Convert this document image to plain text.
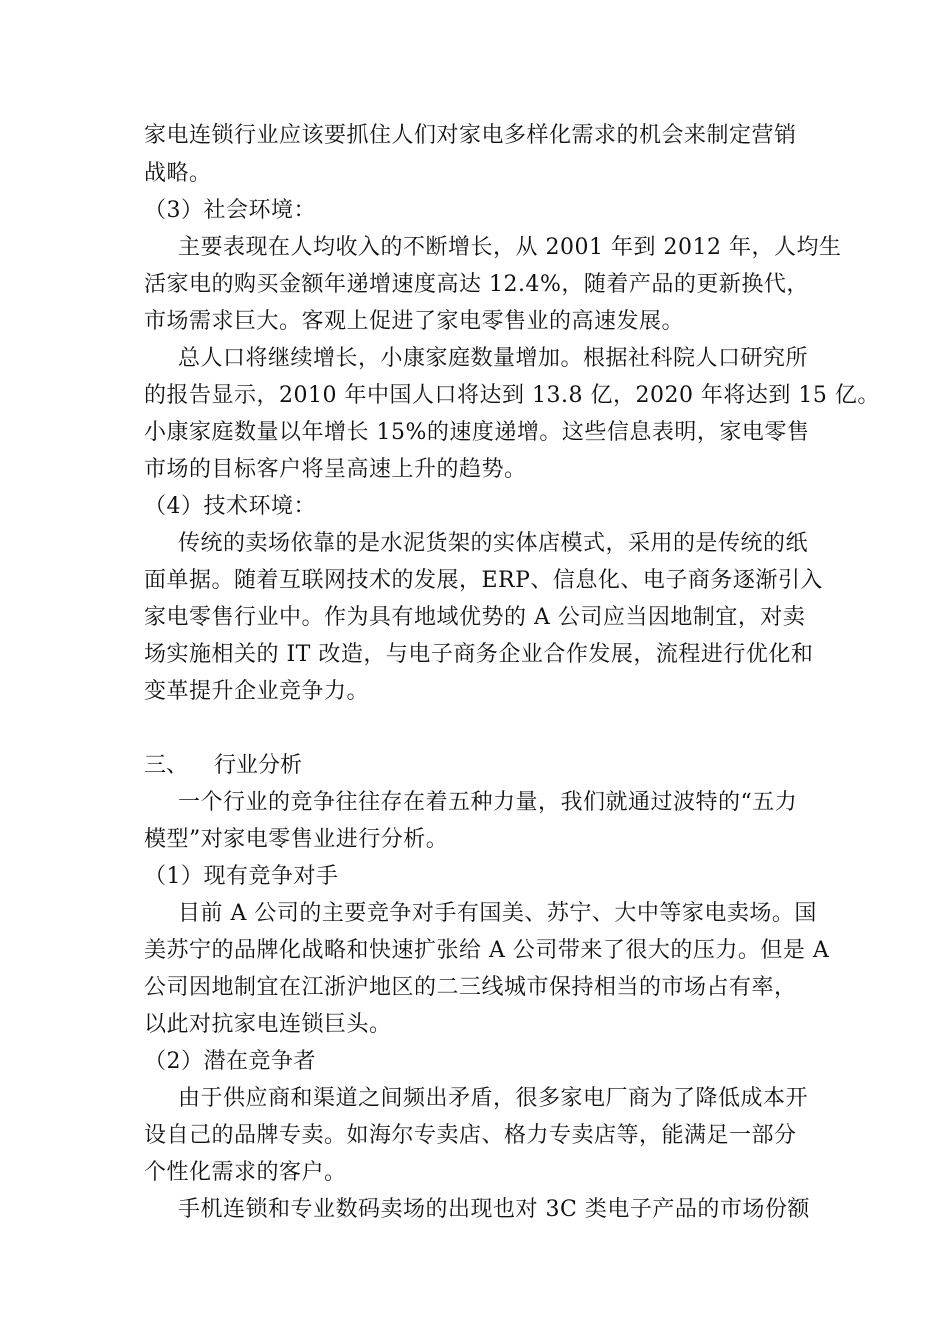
家电连锁行业应该要抓住人们对家电多样化需求的机会来制定营销
战略。
（3）社会环境：
主要表现在人均收入的不断增长，从 2001 年到 2012 年，人均生
活家电的购买金额年递增速度高达 12.4%，随着产品的更新换代，
市场需求巨大。客观上促进了家电零售业的高速发展。
总人口将继续增长，小康家庭数量增加。根据社科院人口研究所
的报告显示，2010 年中国人口将达到 13.8 亿，2020 年将达到 15 亿。
小康家庭数量以年增长 15%的速度递增。这些信息表明，家电零售
市场的目标客户将呈高速上升的趋势。
（4）技术环境：
传统的卖场依靠的是水泥货架的实体店模式，采用的是传统的纸
面单据。随着互联网技术的发展，ERP、信息化、电子商务逐渐引入
家电零售行业中。作为具有地域优势的 A 公司应当因地制宜，对卖
场实施相关的 IT 改造，与电子商务企业合作发展，流程进行优化和
变革提升企业竞争力。
三、 行业分析
一个行业的竞争往往存在着五种力量，我们就通过波特的“五力
模型”对家电零售业进行分析。
（1）现有竞争对手
目前 A 公司的主要竞争对手有国美、苏宁、大中等家电卖场。国
美苏宁的品牌化战略和快速扩张给 A 公司带来了很大的压力。但是 A
公司因地制宜在江浙沪地区的二三线城市保持相当的市场占有率，
以此对抗家电连锁巨头。
（2）潜在竞争者
由于供应商和渠道之间频出矛盾，很多家电厂商为了降低成本开
设自己的品牌专卖。如海尔专卖店、格力专卖店等，能满足一部分
个性化需求的客户。
手机连锁和专业数码卖场的出现也对 3C 类电子产品的市场份额
